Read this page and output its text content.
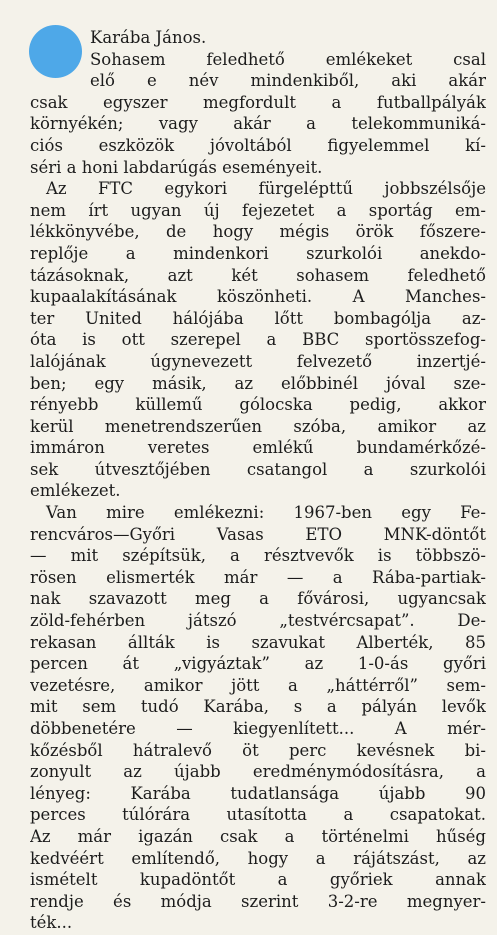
Karába János.
Sohasem feledhető emlékeket csal
elő e név mindenkiből, aki akár
csak egyszer megfordult a futballpályák
környékén; vagy akár a telekommuniká-
ciós eszközök jóvoltából figyelemmel kí-
séri a honi labdarúgás eseményeit.
Az FTC egykori fürgelépttű jobbszélsője
nem írt ugyan új fejezetet a sportág em-
lékkönyvébe, de hogy mégis örök főszere-
replője a mindenkori szurkolói anekdo-
tázásoknak, azt két sohasem feledhető
kupaalakításának köszönheti. A Manches-
ter United hálójába lőtt bombagólja az-
óta is ott szerepel a BBC sportösszefog-
lalójának úgynevezett felvezető inzertjé-
ben; egy másik, az előbbinél jóval sze-
rényebb küllemű gólocska pedig, akkor
kerül menetrendszerűen szóba, amikor az
immáron veretes emlékű bundamérkőzé-
sek útvesztőjében csatangol a szurkolói
emlékezet.
Van mire emlékezni: 1967-ben egy Fe-
rencváros—Győri Vasas ETO MNK-döntőt
— mit szépítsük, a résztvevők is többszö-
rösen elismerték már — a Rába-partiak-
nak szavazott meg a fővárosi, ugyancsak
zöld-fehérben játszó „testvércsapat”. De-
rekasan állták is szavukat Alberték, 85
percen át „vigyáztak” az 1-0-ás győri
vezetésre, amikor jött a „háttérről” sem-
mit sem tudó Karába, s a pályán levők
döbbenetére — kiegyenlített... A mér-
kőzésből hátralevő öt perc kevésnek bi-
zonyult az újabb eredménymódosításra, a
lényeg: Karába tudatlansága újabb 90
perces túlórára utasította a csapatokat.
Az már igazán csak a történelmi hűség
kedvéért említendő, hogy a rájátszást, az
ismételt kupadöntőt a győriek annak
rendje és módja szerint 3-2-re megnyer-
ték...
